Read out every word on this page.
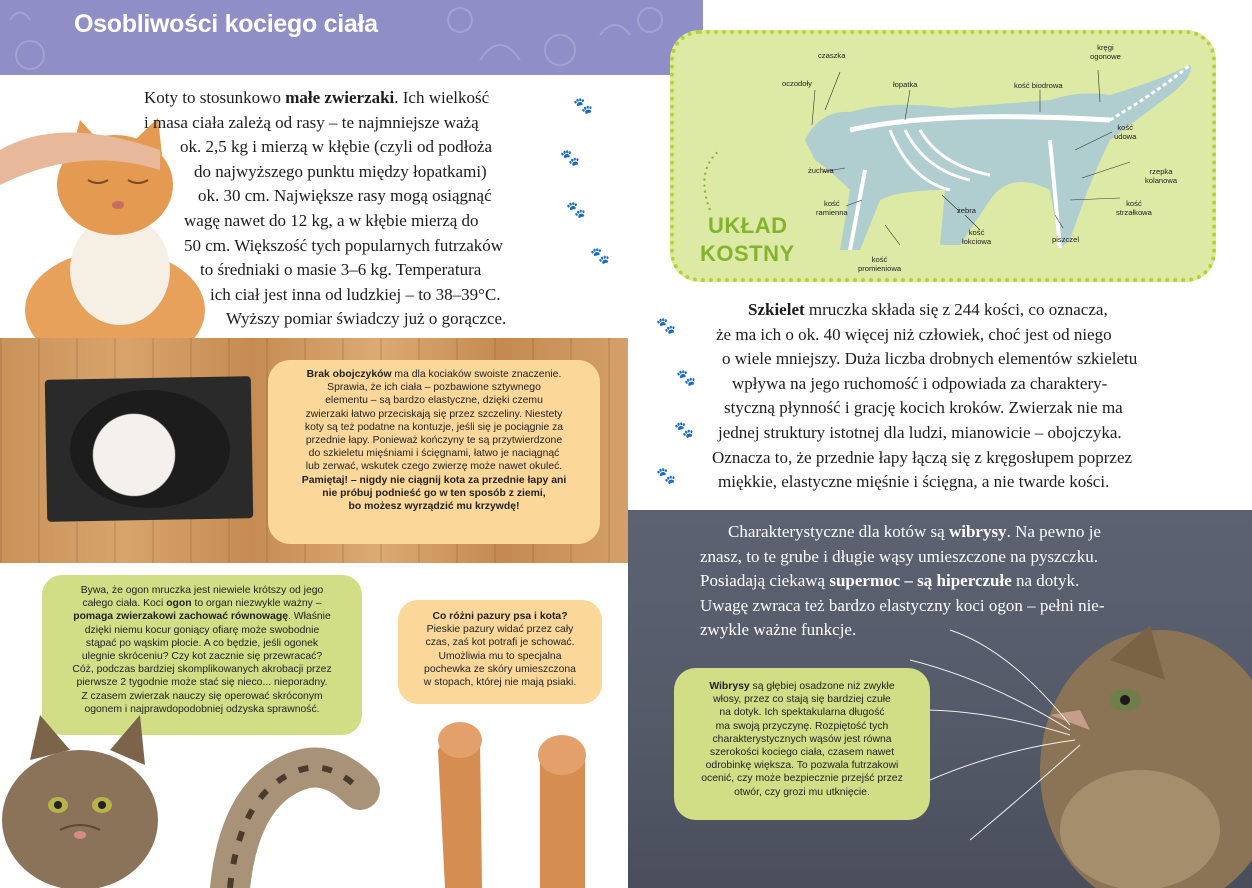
Osobliwości kociego ciała
Koty to stosunkowo małe zwierzaki. Ich wielkość
i masa ciała zależą od rasy – te najmniejsze ważą
ok. 2,5 kg i mierzą w kłębie (czyli od podłoża
do najwyższego punktu między łopatkami)
ok. 30 cm. Największe rasy mogą osiągnąć
wagę nawet do 12 kg, a w kłębie mierzą do
50 cm. Większość tych popularnych futrzaków
to średniaki o masie 3–6 kg. Temperatura
ich ciał jest inna od ludzkiej – to 38–39°C.
Wyższy pomiar świadczy już o gorączce.
🐾
🐾
🐾
🐾
Brak obojczyków ma dla kociaków swoiste znaczenie.
Sprawia, że ich ciała – pozbawione sztywnego
elementu – są bardzo elastyczne, dzięki czemu
zwierzaki łatwo przeciskają się przez szczeliny. Niestety
koty są też podatne na kontuzje, jeśli się je pociągnie za
przednie łapy. Ponieważ kończyny te są przytwierdzone
do szkieletu mięśniami i ścięgnami, łatwo je naciągnąć
lub zerwać, wskutek czego zwierzę może nawet okuleć.
Pamiętaj! – nigdy nie ciągnij kota za przednie łapy ani
nie próbuj podnieść go w ten sposób z ziemi,
bo możesz wyrządzić mu krzywdę!
Bywa, że ogon mruczka jest niewiele krótszy od jego
całego ciała. Koci ogon to organ niezwykle ważny –
pomaga zwierzakowi zachować równowagę. Właśnie
dzięki niemu kocur goniący ofiarę może swobodnie
stąpać po wąskim płocie. A co będzie, jeśli ogonek
ulegnie skróceniu? Czy kot zacznie się przewracać?
Cóż, podczas bardziej skomplikowanych akrobacji przez
pierwsze 2 tygodnie może stać się nieco... nieporadny.
Z czasem zwierzak nauczy się operować skróconym
ogonem i najprawdopodobniej odzyska sprawność.
Co różni pazury psa i kota?
Pieskie pazury widać przez cały
czas, zaś kot potrafi je schować.
Umożliwia mu to specjalna
pochewka ze skóry umieszczona
w stopach, której nie mają psiaki.
czaszka
oczodoły	łopatka
kręgi
ogonowe
kość biodrowa
kość
udowa
rzepka
kolanowa
kość
strzałkowa
żuchwa
kość
ramienna	żebra
kość
łokciowa
kość
promieniowa
piszczel
UKŁAD
KOSTNY
🐾
🐾
🐾
🐾
Szkielet mruczka składa się z 244 kości, co oznacza,
że ma ich o ok. 40 więcej niż człowiek, choć jest od niego
o wiele mniejszy. Duża liczba drobnych elementów szkieletu
wpływa na jego ruchomość i odpowiada za charaktery-
styczną płynność i grację kocich kroków. Zwierzak nie ma
jednej struktury istotnej dla ludzi, mianowicie – obojczyka.
Oznacza to, że przednie łapy łączą się z kręgosłupem poprzez
miękkie, elastyczne mięśnie i ścięgna, a nie twarde kości.
Charakterystyczne dla kotów są wibrysy. Na pewno je
znasz, to te grube i długie wąsy umieszczone na pyszczku.
Posiadają ciekawą supermoc – są hiperczułe na dotyk.
Uwagę zwraca też bardzo elastyczny koci ogon – pełni nie-
zwykle ważne funkcje.
Wibrysy są głębiej osadzone niż zwykłe
włosy, przez co stają się bardziej czułe
na dotyk. Ich spektakularna długość
ma swoją przyczynę. Rozpiętość tych
charakterystycznych wąsów jest równa
szerokości kociego ciała, czasem nawet
odrobinkę większa. To pozwala futrzakowi
ocenić, czy może bezpiecznie przejść przez
otwór, czy grozi mu utknięcie.
